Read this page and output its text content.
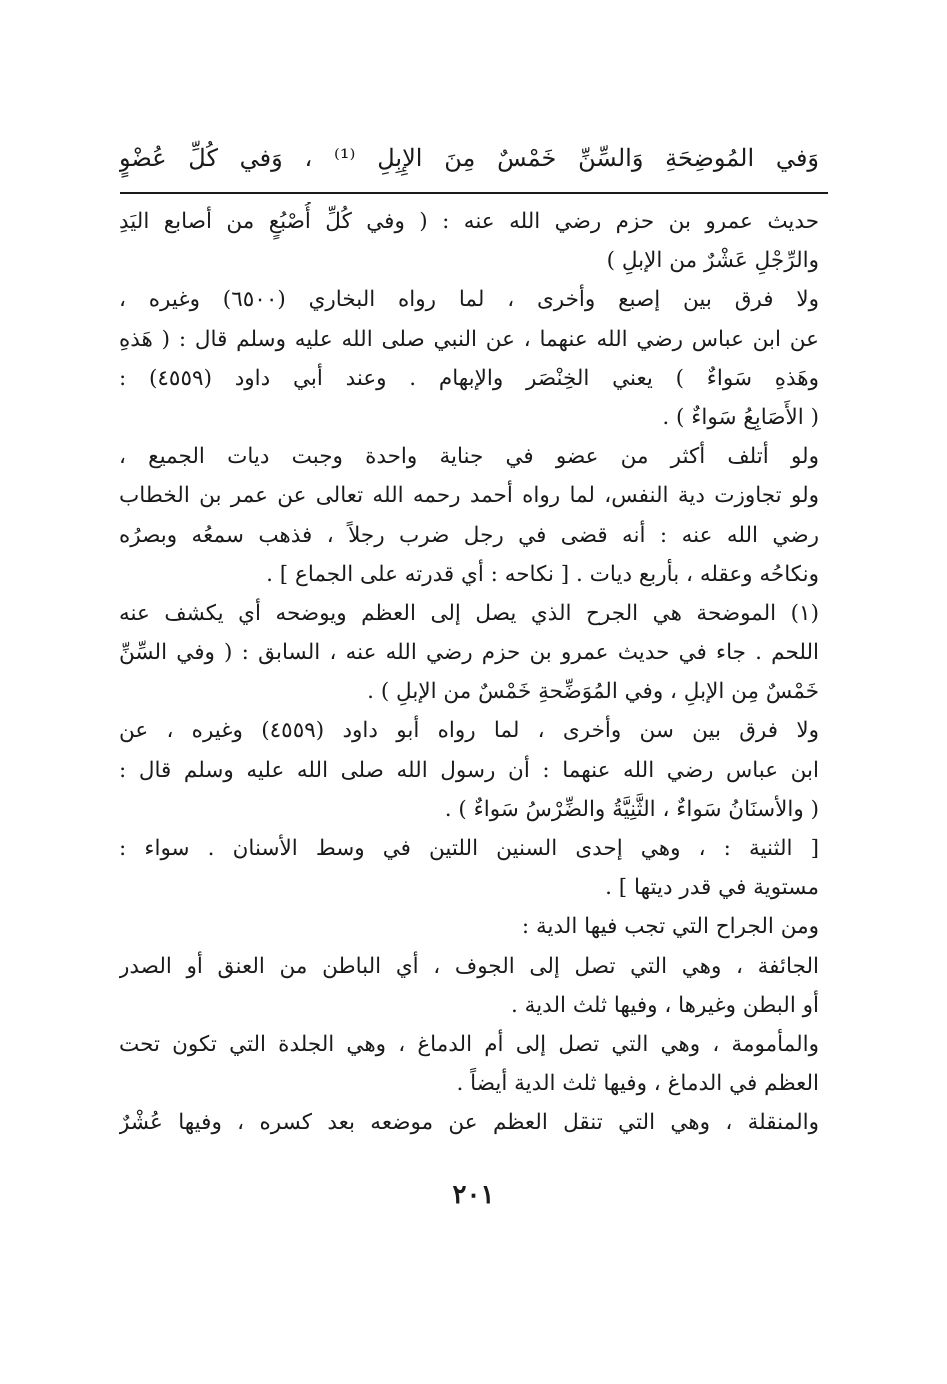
وَفي المُوضِحَةِ وَالسِّنِّ خَمْسٌ مِنَ الإِبِلِ ⁽¹⁾ ، وَفي كُلِّ عُضْوٍ
حديث عمرو بن حزم رضي الله عنه : ( وفي كُلِّ أُصْبُعٍ من أصابع اليَدِ
والرِّجْلِ عَشْرٌ من الإبلِ )
ولا فرق بين إصبع وأخرى ، لما رواه البخاري (٦٥٠٠) وغيره ،
عن ابن عباس رضي الله عنهما ، عن النبي صلى الله عليه وسلم قال : ( هَذهِ
وهَذهِ سَواءٌ ) يعني الخِنْصَر والإبهام . وعند أبي داود (٤٥٥٩) :
( الأَصَابِعُ سَواءٌ ) .
ولو أتلف أكثر من عضو في جناية واحدة وجبت ديات الجميع ،
ولو تجاوزت دية النفس، لما رواه أحمد رحمه الله تعالى عن عمر بن الخطاب
رضي الله عنه : أنه قضى في رجل ضرب رجلاً ، فذهب سمعُه وبصرُه
ونكاحُه وعقله ، بأربع ديات . [ نكاحه : أي قدرته على الجماع ] .
(١) الموضحة هي الجرح الذي يصل إلى العظم ويوضحه أي يكشف عنه
اللحم . جاء في حديث عمرو بن حزم رضي الله عنه ، السابق : ( وفي السِّنِّ
خَمْسٌ مِن الإبلِ ، وفي المُوَضِّحةِ خَمْسٌ من الإبلِ ) .
ولا فرق بين سن وأخرى ، لما رواه أبو داود (٤٥٥٩) وغيره ، عن
ابن عباس رضي الله عنهما : أن رسول الله صلى الله عليه وسلم قال :
( والأسنَانُ سَواءٌ ، الثَّنِيَّةُ والضِّرْسُ سَواءٌ ) .
[ الثنية : ، وهي إحدى السنين اللتين في وسط الأسنان . سواء :
مستوية في قدر ديتها ] .
ومن الجراح التي تجب فيها الدية :
الجائفة ، وهي التي تصل إلى الجوف ، أي الباطن من العنق أو الصدر
أو البطن وغيرها ، وفيها ثلث الدية .
والمأمومة ، وهي التي تصل إلى أم الدماغ ، وهي الجلدة التي تكون تحت
العظم في الدماغ ، وفيها ثلث الدية أيضاً .
والمنقلة ، وهي التي تنقل العظم عن موضعه بعد كسره ، وفيها عُشْرٌ
٢٠١
